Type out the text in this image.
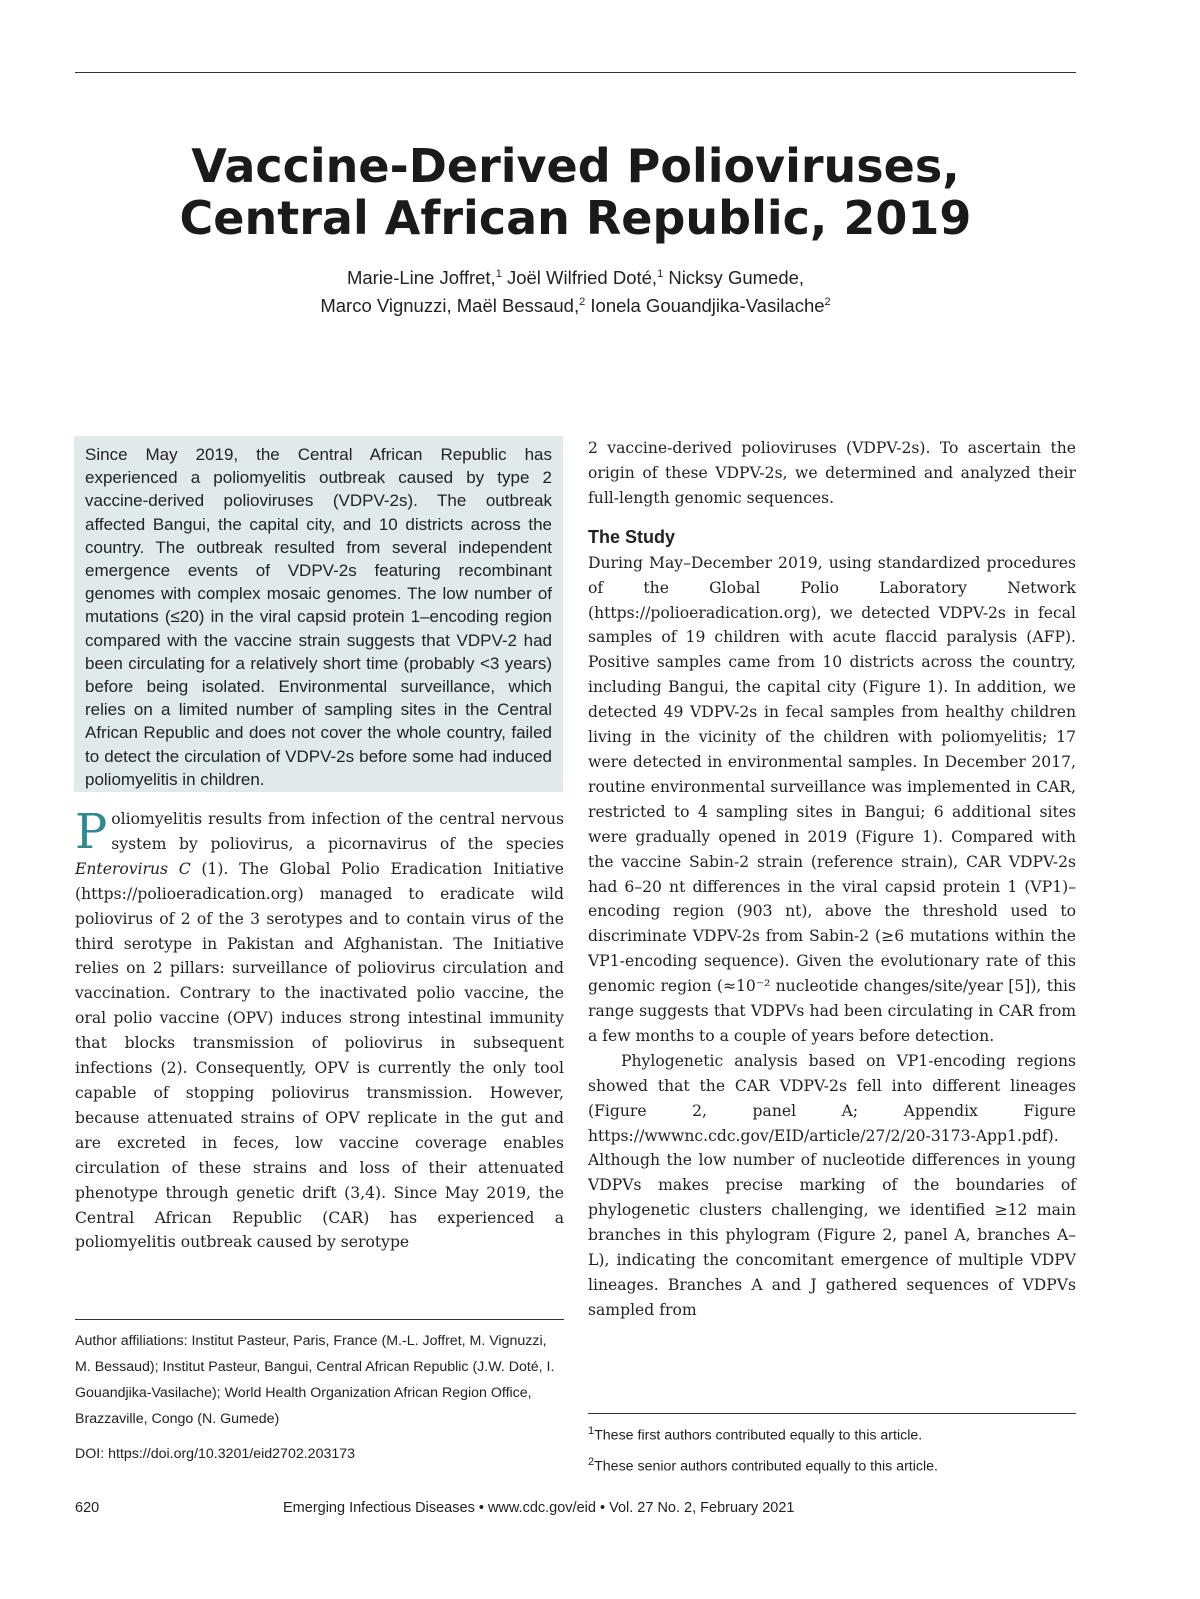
Vaccine-Derived Polioviruses,
Central African Republic, 2019
Marie-Line Joffret,$^1$ Joël Wilfried Doté,$^1$ Nicksy Gumede,
Marco Vignuzzi, Maël Bessaud,$^2$ Ionela Gouandjika-Vasilache$^2$
Since May 2019, the Central African Republic has experienced a poliomyelitis outbreak caused by type 2 vaccine-derived polioviruses (VDPV-2s). The outbreak affected Bangui, the capital city, and 10 districts across the country. The outbreak resulted from several independent emergence events of VDPV-2s featuring recombinant genomes with complex mosaic genomes. The low number of mutations (≤20) in the viral capsid protein 1–encoding region compared with the vaccine strain suggests that VDPV-2 had been circulating for a relatively short time (probably <3 years) before being isolated. Environmental surveillance, which relies on a limited number of sampling sites in the Central African Republic and does not cover the whole country, failed to detect the circulation of VDPV-2s before some had induced poliomyelitis in children.

Poliomyelitis results from infection of the central nervous system by poliovirus, a picornavirus of the species Enterovirus C (1). The Global Polio Eradication Initiative (https://polioeradication.org) managed to eradicate wild poliovirus of 2 of the 3 serotypes and to contain virus of the third serotype in Pakistan and Afghanistan. The Initiative relies on 2 pillars: surveillance of poliovirus circulation and vaccination. Contrary to the inactivated polio vaccine, the oral polio vaccine (OPV) induces strong intestinal immunity that blocks transmission of poliovirus in subsequent infections (2). Consequently, OPV is currently the only tool capable of stopping poliovirus transmission. However, because attenuated strains of OPV replicate in the gut and are excreted in feces, low vaccine coverage enables circulation of these strains and loss of their attenuated phenotype through genetic drift (3,4). Since May 2019, the Central African Republic (CAR) has experienced a poliomyelitis outbreak caused by serotype

2 vaccine-derived polioviruses (VDPV-2s). To ascertain the origin of these VDPV-2s, we determined and analyzed their full-length genomic sequences.

The Study

During May–December 2019, using standardized procedures of the Global Polio Laboratory Network (https://polioeradication.org), we detected VDPV-2s in fecal samples of 19 children with acute flaccid paralysis (AFP). Positive samples came from 10 districts across the country, including Bangui, the capital city (Figure 1). In addition, we detected 49 VDPV-2s in fecal samples from healthy children living in the vicinity of the children with poliomyelitis; 17 were detected in environmental samples. In December 2017, routine environmental surveillance was implemented in CAR, restricted to 4 sampling sites in Bangui; 6 additional sites were gradually opened in 2019 (Figure 1). Compared with the vaccine Sabin-2 strain (reference strain), CAR VDPV-2s had 6–20 nt differences in the viral capsid protein 1 (VP1)–encoding region (903 nt), above the threshold used to discriminate VDPV-2s from Sabin-2 (≥6 mutations within the VP1-encoding sequence). Given the evolutionary rate of this genomic region (≈10⁻² nucleotide changes/site/year [5]), this range suggests that VDPVs had been circulating in CAR from a few months to a couple of years before detection.

Phylogenetic analysis based on VP1-encoding regions showed that the CAR VDPV-2s fell into different lineages (Figure 2, panel A; Appendix Figure https://wwwnc.cdc.gov/EID/article/27/2/20-3173-App1.pdf). Although the low number of nucleotide differences in young VDPVs makes precise marking of the boundaries of phylogenetic clusters challenging, we identified ≥12 main branches in this phylogram (Figure 2, panel A, branches A–L), indicating the concomitant emergence of multiple VDPV lineages. Branches A and J gathered sequences of VDPVs sampled from

Author affiliations: Institut Pasteur, Paris, France (M.-L. Joffret, M. Vignuzzi, M. Bessaud); Institut Pasteur, Bangui, Central African Republic (J.W. Doté, I. Gouandjika-Vasilache); World Health Organization African Region Office, Brazzaville, Congo (N. Gumede)
DOI: https://doi.org/10.3201/eid2702.203173
$^1$These first authors contributed equally to this article.
$^2$These senior authors contributed equally to this article.
620	Emerging Infectious Diseases • www.cdc.gov/eid • Vol. 27 No. 2, February 2021
